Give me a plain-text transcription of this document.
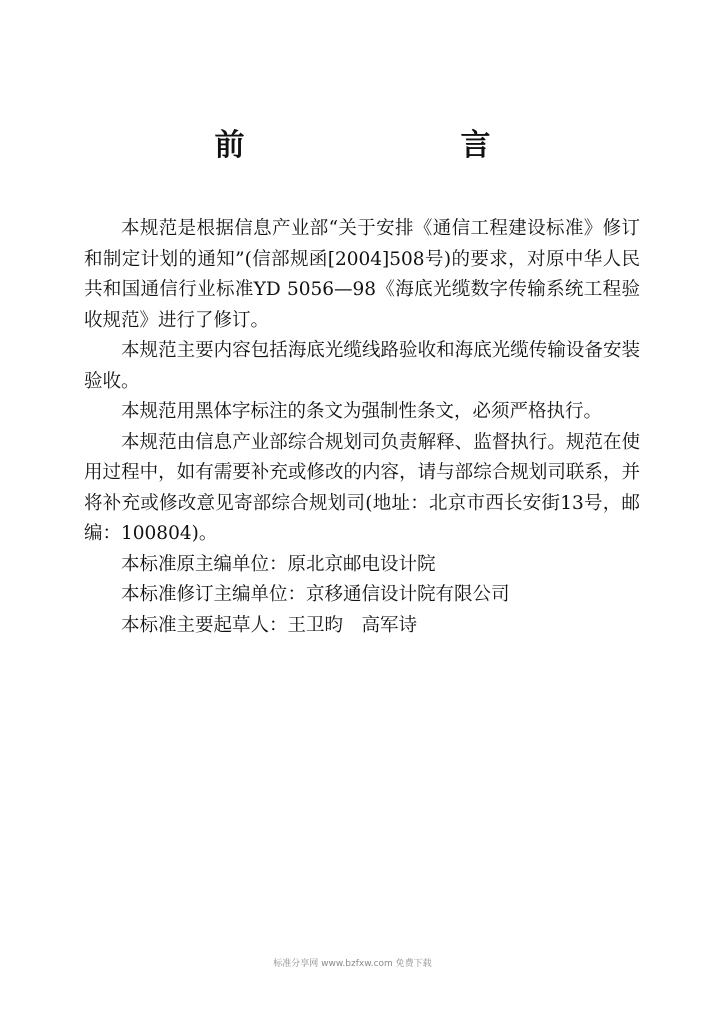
前　　言

本规范是根据信息产业部“关于安排《通信工程建设标准》修订和制定计划的通知”(信部规函[2004]508号)的要求，对原中华人民共和国通信行业标准YD 5056—98《海底光缆数字传输系统工程验收规范》进行了修订。

本规范主要内容包括海底光缆线路验收和海底光缆传输设备安装验收。

本规范用黑体字标注的条文为强制性条文，必须严格执行。

本规范由信息产业部综合规划司负责解释、监督执行。规范在使用过程中，如有需要补充或修改的内容，请与部综合规划司联系，并将补充或修改意见寄部综合规划司(地址：北京市西长安街13号，邮编：100804)。

本标准原主编单位：原北京邮电设计院

本标准修订主编单位：京移通信设计院有限公司

本标准主要起草人：王卫昀　高军诗

标准分享网 www.bzfxw.com 免费下载
